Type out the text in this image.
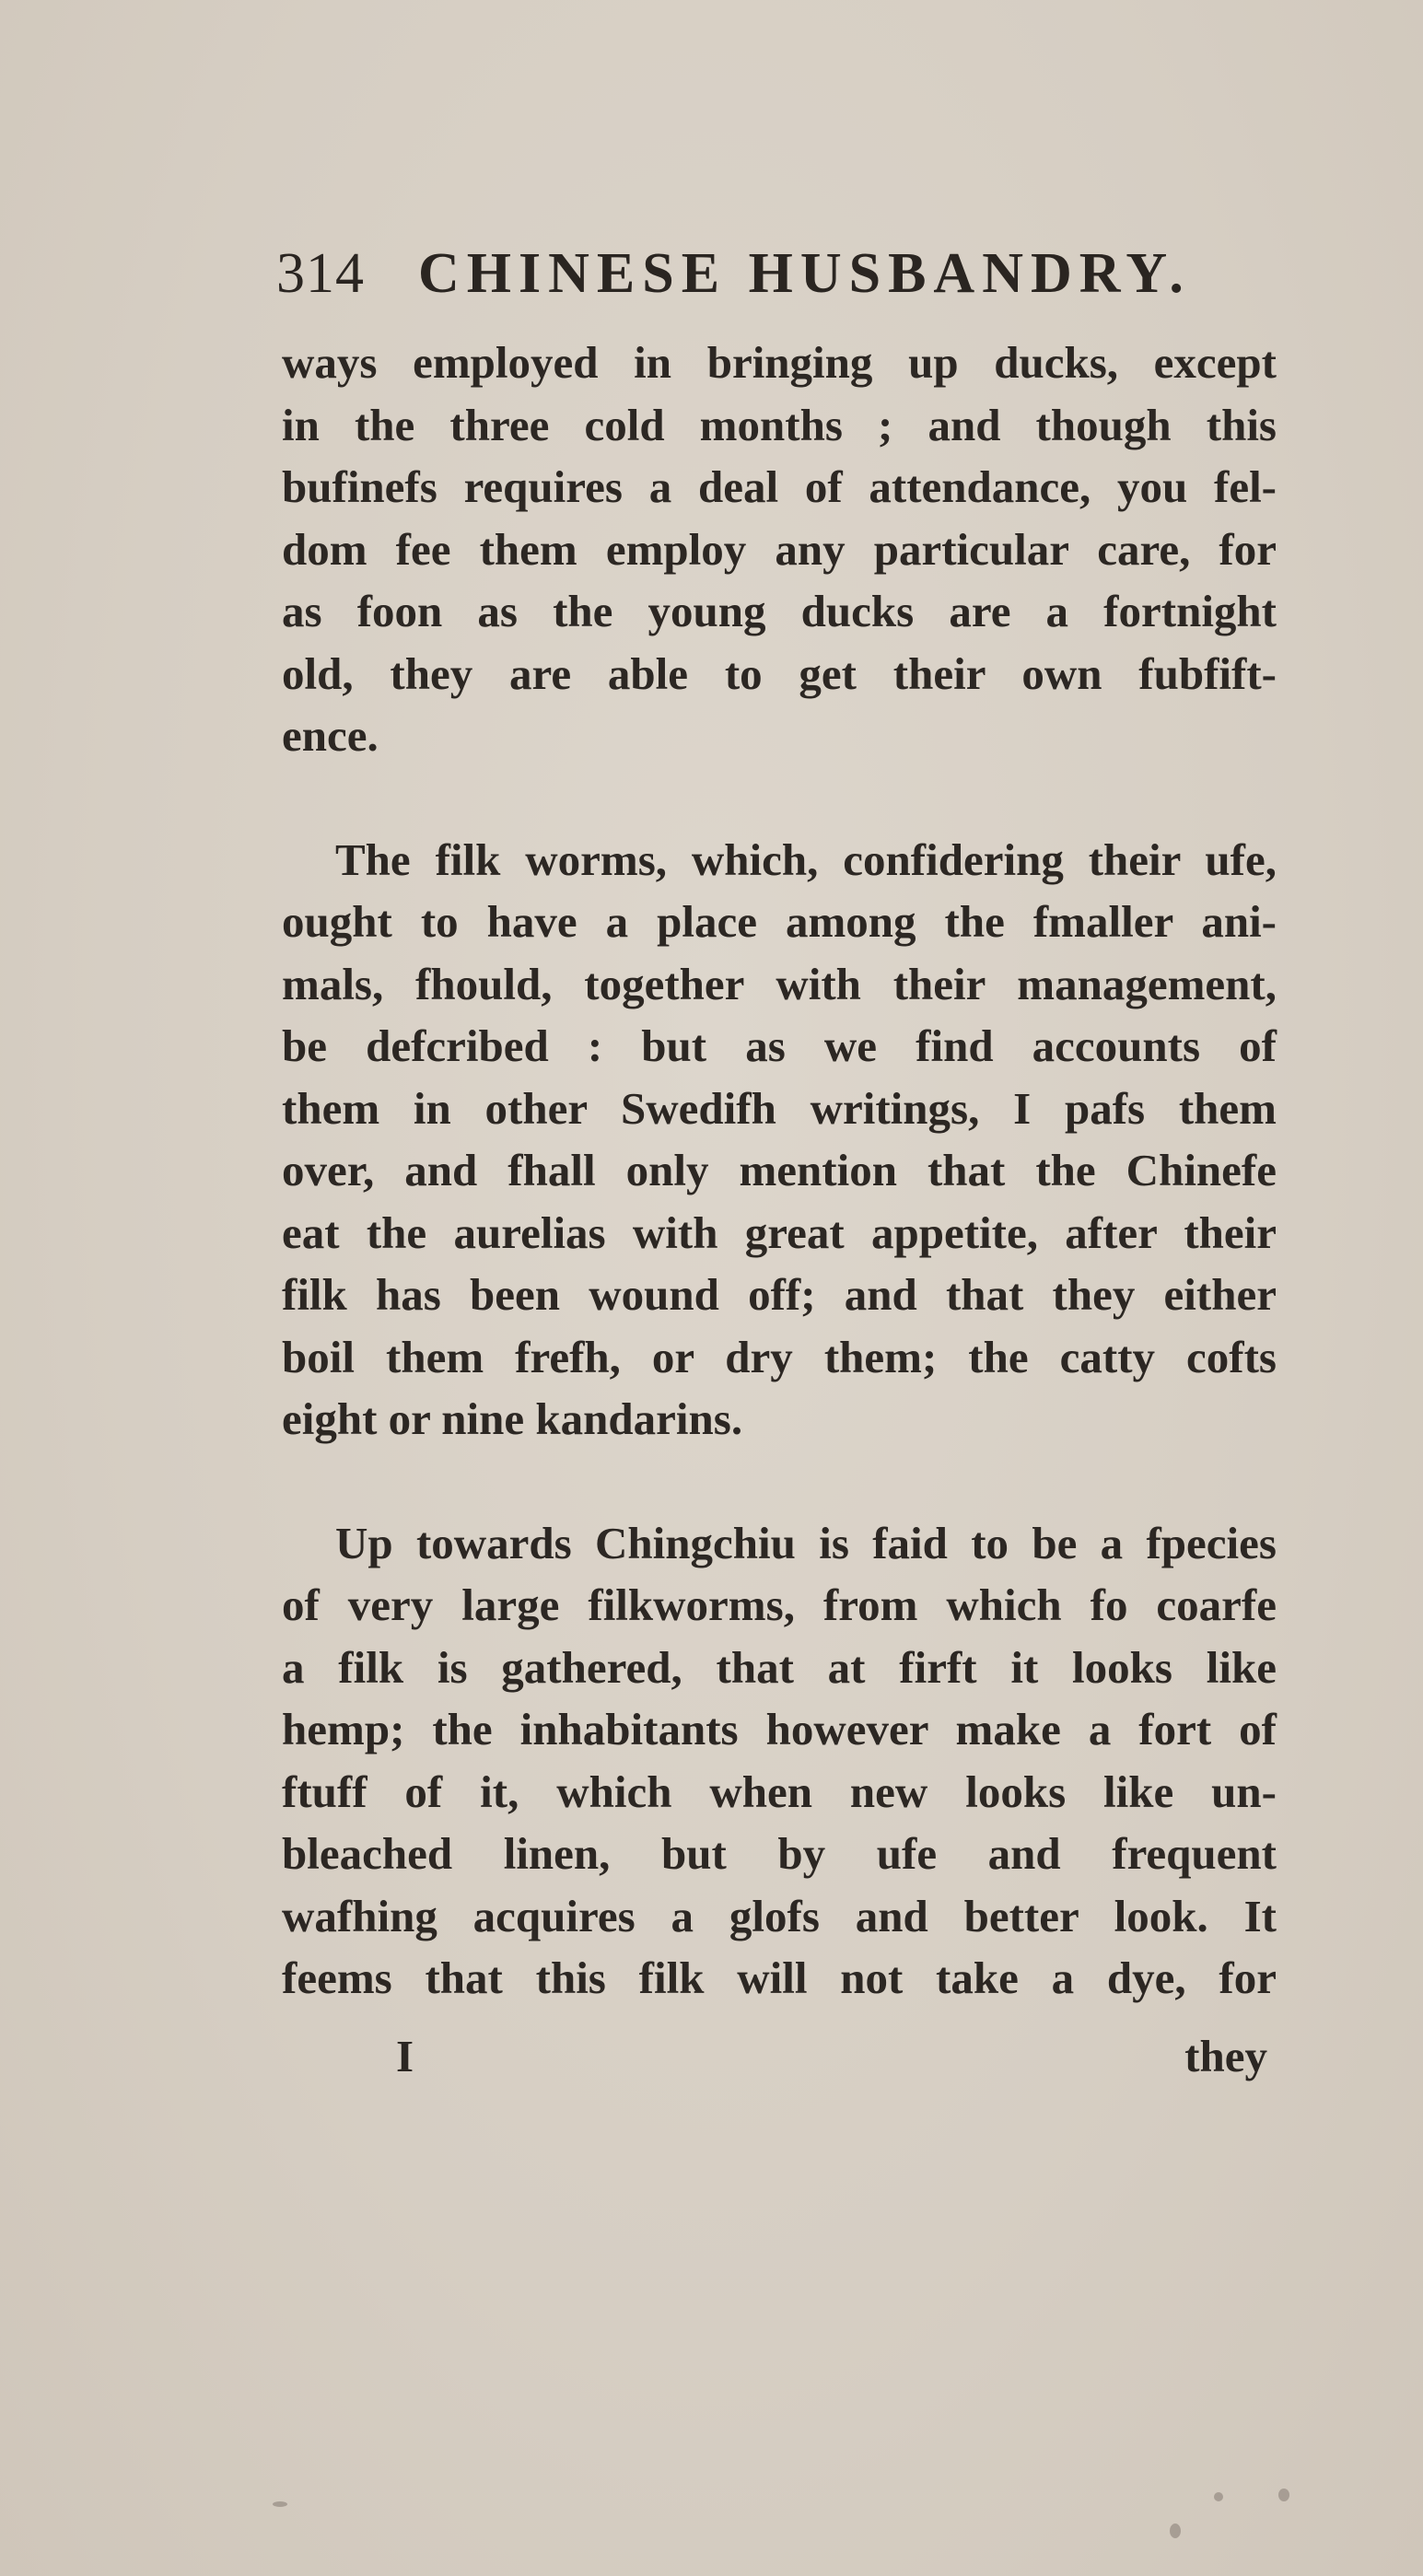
314 CHINESE HUSBANDRY.

ways employed in bringing up ducks, except
in the three cold months ; and though this
bufinefs requires a deal of attendance, you fel-
dom fee them employ any particular care, for
as foon as the young ducks are a fortnight
old, they are able to get their own fubfift-
ence.

The filk worms, which, confidering their ufe,
ought to have a place among the fmaller ani-
mals, fhould, together with their management,
be defcribed : but as we find accounts of
them in other Swedifh writings, I pafs them
over, and fhall only mention that the Chinefe
eat the aurelias with great appetite, after their
filk has been wound off; and that they either
boil them frefh, or dry them; the catty cofts
eight or nine kandarins.

Up towards Chingchiu is faid to be a fpecies
of very large filkworms, from which fo coarfe
a filk is gathered, that at firft it looks like
hemp; the inhabitants however make a fort of
ftuff of it, which when new looks like un-
bleached linen, but by ufe and frequent
wafhing acquires a glofs and better look. It
feems that this filk will not take a dye, for

I	they
